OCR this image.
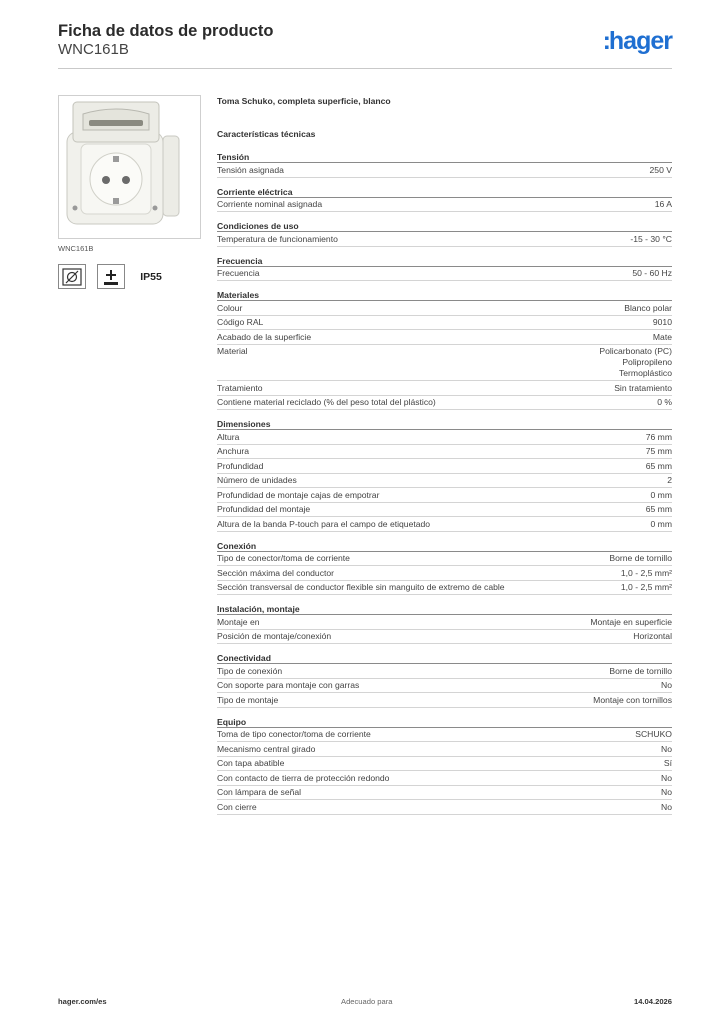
Ficha de datos de producto
WNC161B	:hager
WNC161B
IP55
Toma Schuko, completa superficie, blanco
Características técnicas
Tensión
Tensión asignada	250 V
Corriente eléctrica
Corriente nominal asignada	16 A
Condiciones de uso
Temperatura de funcionamiento	-15 - 30 °C
Frecuencia
Frecuencia	50 - 60 Hz
Materiales
Colour	Blanco polar
Código RAL	9010
Acabado de la superficie	Mate
Material	Policarbonato (PC)
Polipropileno
Termoplástico
Tratamiento	Sin tratamiento
Contiene material reciclado (% del peso total del plástico)	0 %
Dimensiones
Altura	76 mm
Anchura	75 mm
Profundidad	65 mm
Número de unidades	2
Profundidad de montaje cajas de empotrar	0 mm
Profundidad del montaje	65 mm
Altura de la banda P-touch para el campo de etiquetado	0 mm
Conexión
Tipo de conector/toma de corriente	Borne de tornillo
Sección máxima del conductor	1,0 - 2,5 mm²
Sección transversal de conductor flexible sin manguito de extremo de cable	1,0 - 2,5 mm²
Instalación, montaje
Montaje en	Montaje en superficie
Posición de montaje/conexión	Horizontal
Conectividad
Tipo de conexión	Borne de tornillo
Con soporte para montaje con garras	No
Tipo de montaje	Montaje con tornillos
Equipo
Toma de tipo conector/toma de corriente	SCHUKO
Mecanismo central girado	No
Con tapa abatible	Sí
Con contacto de tierra de protección redondo	No
Con lámpara de señal	No
Con cierre	No
hager.com/es	Adecuado para	14.04.2026
